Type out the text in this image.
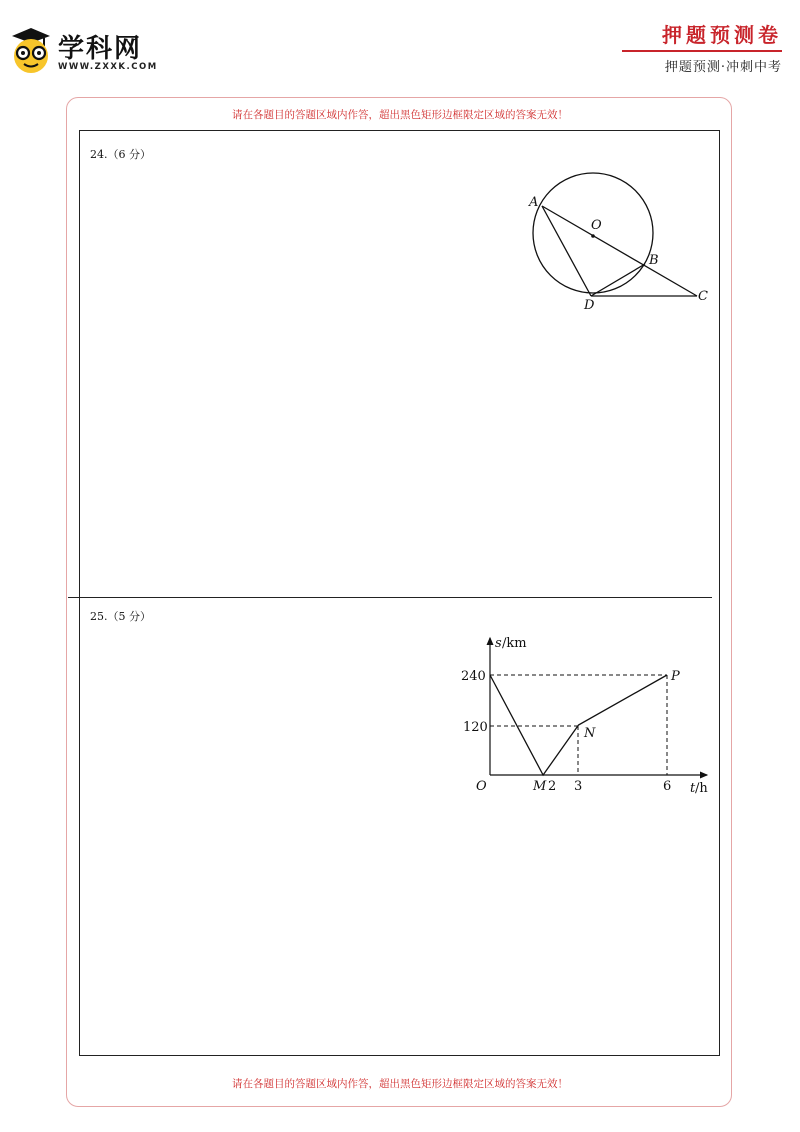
学科网
WWW.ZXXK.COM
押题预测卷
押题预测·冲刺中考
请在各题目的答题区域内作答，超出黑色矩形边框限定区域的答案无效！
请在各题目的答题区域内作答，超出黑色矩形边框限定区域的答案无效！
24.（6 分）
A
O
B
C
D
25.（5 分）
s /km
t /h
O
240
120
2 3	6
M
N
P
